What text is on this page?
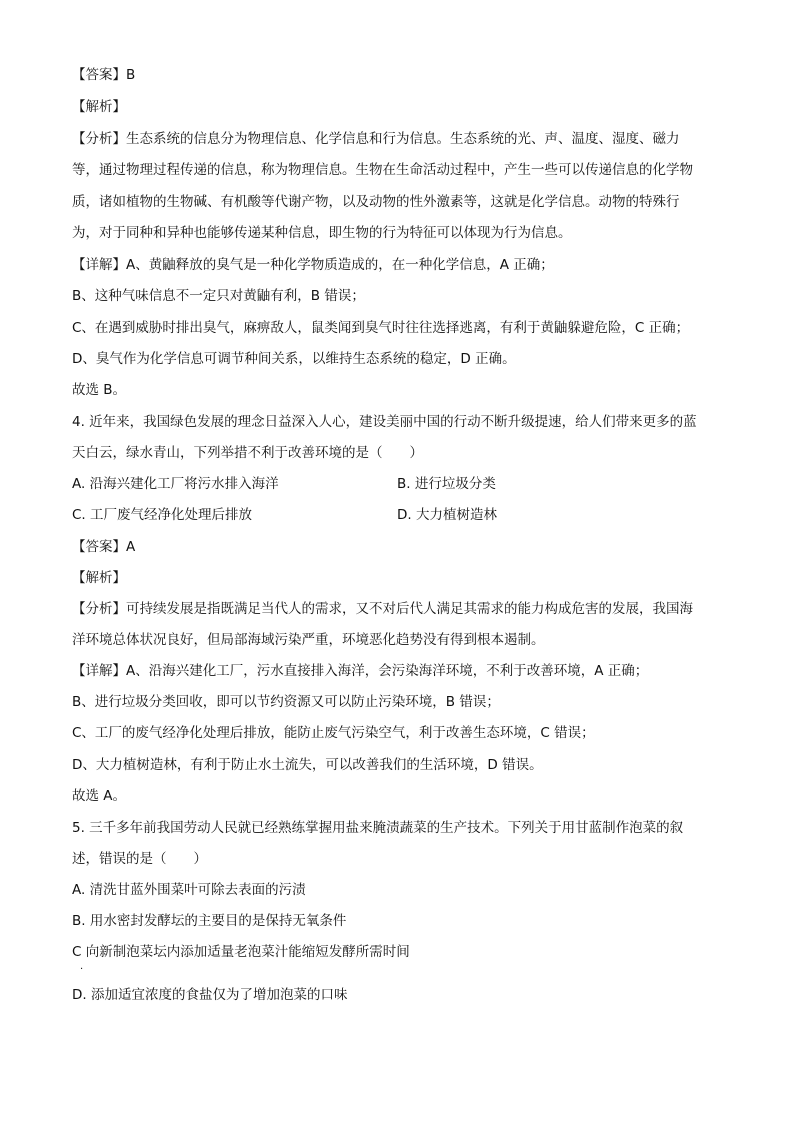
【答案】B
【解析】
【分析】生态系统的信息分为物理信息、化学信息和行为信息。生态系统的光、声、温度、湿度、磁力
等，通过物理过程传递的信息，称为物理信息。生物在生命活动过程中，产生一些可以传递信息的化学物
质，诸如植物的生物碱、有机酸等代谢产物，以及动物的性外激素等，这就是化学信息。动物的特殊行
为，对于同种和异种也能够传递某种信息，即生物的行为特征可以体现为行为信息。
【详解】A、黄鼬释放的臭气是一种化学物质造成的，在一种化学信息，A 正确；
B、这种气味信息不一定只对黄鼬有利，B 错误；
C、在遇到威胁时排出臭气，麻痹敌人，鼠类闻到臭气时往往选择逃离，有利于黄鼬躲避危险，C 正确；
D、臭气作为化学信息可调节种间关系，以维持生态系统的稳定，D 正确。
故选 B。
4. 近年来，我国绿色发展的理念日益深入人心，建设美丽中国的行动不断升级提速，给人们带来更多的蓝
天白云，绿水青山，下列举措不利于改善环境的是（　　）
A. 沿海兴建化工厂将污水排入海洋	B. 进行垃圾分类
C. 工厂废气经净化处理后排放	D. 大力植树造林
【答案】A
【解析】
【分析】可持续发展是指既满足当代人的需求，又不对后代人满足其需求的能力构成危害的发展，我国海
洋环境总体状况良好，但局部海域污染严重，环境恶化趋势没有得到根本遏制。
【详解】A、沿海兴建化工厂，污水直接排入海洋，会污染海洋环境，不利于改善环境，A 正确；
B、进行垃圾分类回收，即可以节约资源又可以防止污染环境，B 错误；
C、工厂的废气经净化处理后排放，能防止废气污染空气，利于改善生态环境，C 错误；
D、大力植树造林，有利于防止水土流失，可以改善我们的生活环境，D 错误。
故选 A。
5. 三千多年前我国劳动人民就已经熟练掌握用盐来腌渍蔬菜的生产技术。下列关于用甘蓝制作泡菜的叙
述，错误的是（　　）
A. 清洗甘蓝外围菜叶可除去表面的污渍
B. 用水密封发酵坛的主要目的是保持无氧条件
C 向新制泡菜坛内添加适量老泡菜汁能缩短发酵所需时间
.
D. 添加适宜浓度的食盐仅为了增加泡菜的口味
